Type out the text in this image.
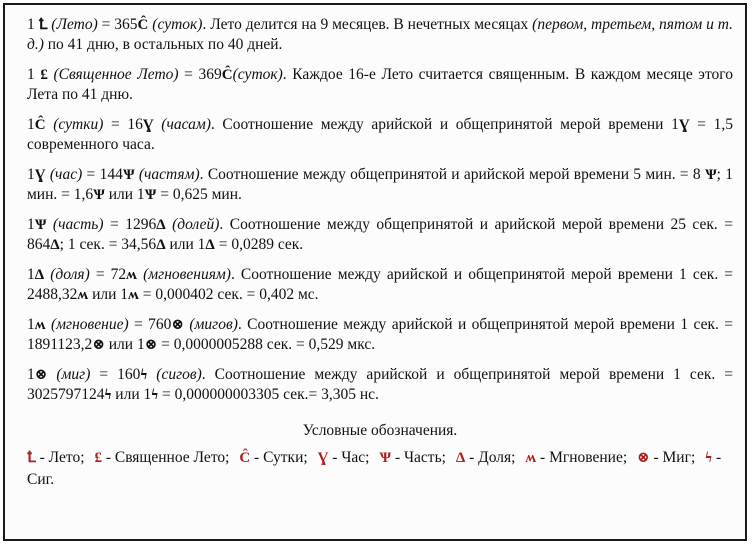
1 Ꝉ (Лето) = 365Ĉ (суток). Лето делится на 9 месяцев. В нечетных месяцах (первом, третьем, пятом и т. д.) по 41 дню, в остальных по 40 дней.

1 £ (Священное Лето) = 369Ĉ(суток). Каждое 16-е Лето считается священным. В каждом месяце этого Лета по 41 дню.

1Ĉ (сутки) = 16Ɣ (часам). Соотношение между арийской и общепринятой мерой времени 1Ɣ = 1,5 современного часа.

1Ɣ (час) = 144Ѱ (частям). Соотношение между общепринятой и арийской мерой времени 5 мин. = 8 Ѱ; 1 мин. = 1,6Ѱ или 1Ѱ = 0,625 мин.

1Ѱ (часть) = 1296Δ (долей). Соотношение между общепринятой и арийской мерой времени 25 сек. = 864Δ; 1 сек. = 34,56Δ или 1Δ = 0,0289 сек.

1Δ (доля) = 72ʍ (мгновениям). Соотношение между арийской и общепринятой мерой времени 1 сек. = 2488,32ʍ или 1ʍ = 0,000402 сек. = 0,402 мс.

1ʍ (мгновение) = 760⊗ (мигов). Соотношение между арийской и общепринятой мерой времени 1 сек. = 1891123,2⊗ или 1⊗ = 0,0000005288 сек. = 0,529 мкс.

1⊗ (миг) = 160ϟ (сигов). Соотношение между арийской и общепринятой мерой времени 1 сек. = 3025797124ϟ или 1ϟ = 0,000000003305 сек.= 3,305 нс.

Условные обозначения.
Ꝉ - Лето; £ - Священное Лето; Ĉ - Сутки; Ɣ - Час; Ѱ - Часть; Δ - Доля; ʍ - Мгновение; ⊗ - Миг; ϟ - Сиг.
